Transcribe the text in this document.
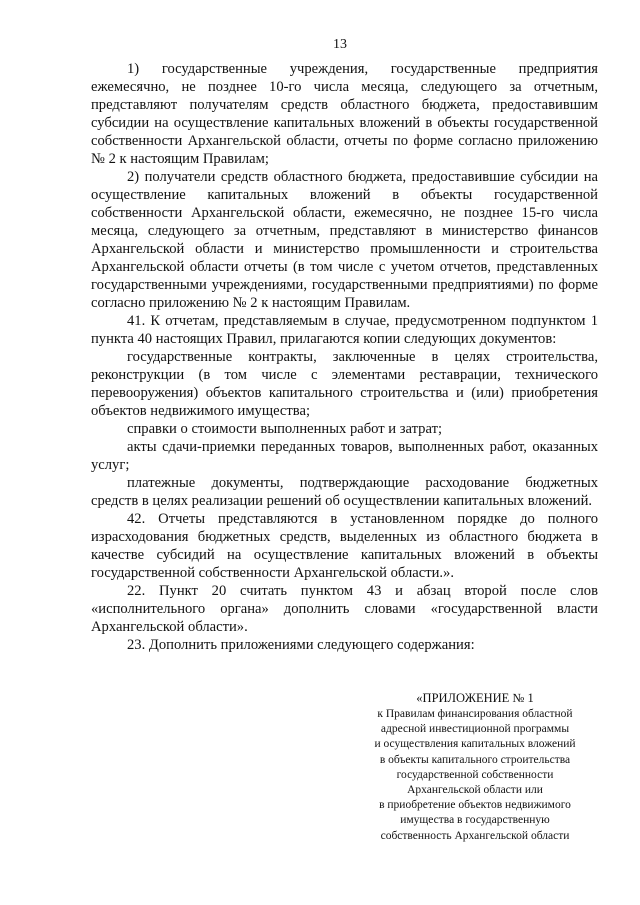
13

1) государственные учреждения, государственные предприятия ежемесячно, не позднее 10-го числа месяца, следующего за отчетным, представляют получателям средств областного бюджета, предоставившим субсидии на осуществление капитальных вложений в объекты государственной собственности Архангельской области, отчеты по форме согласно приложению № 2 к настоящим Правилам;

2) получатели средств областного бюджета, предоставившие субсидии на осуществление капитальных вложений в объекты государственной собственности Архангельской области, ежемесячно, не позднее 15-го числа месяца, следующего за отчетным, представляют в министерство финансов Архангельской области и министерство промышленности и строительства Архангельской области отчеты (в том числе с учетом отчетов, представленных государственными учреждениями, государственными предприятиями) по форме согласно приложению № 2 к настоящим Правилам.

41. К отчетам, представляемым в случае, предусмотренном подпунктом 1 пункта 40 настоящих Правил, прилагаются копии следующих документов:

государственные контракты, заключенные в целях строительства, реконструкции (в том числе с элементами реставрации, технического перевооружения) объектов капитального строительства и (или) приобретения объектов недвижимого имущества;

справки о стоимости выполненных работ и затрат;

акты сдачи-приемки переданных товаров, выполненных работ, оказанных услуг;

платежные документы, подтверждающие расходование бюджетных средств в целях реализации решений об осуществлении капитальных вложений.

42. Отчеты представляются в установленном порядке до полного израсходования бюджетных средств, выделенных из областного бюджета в качестве субсидий на осуществление капитальных вложений в объекты государственной собственности Архангельской области.».

22. Пункт 20 считать пунктом 43 и абзац второй после слов «исполнительного органа» дополнить словами «государственной власти Архангельской области».

23. Дополнить приложениями следующего содержания:

«ПРИЛОЖЕНИЕ № 1
к Правилам финансирования областной
адресной инвестиционной программы
и осуществления капитальных вложений
в объекты капитального строительства
государственной собственности
Архангельской области или
в приобретение объектов недвижимого
имущества в государственную
собственность Архангельской области
